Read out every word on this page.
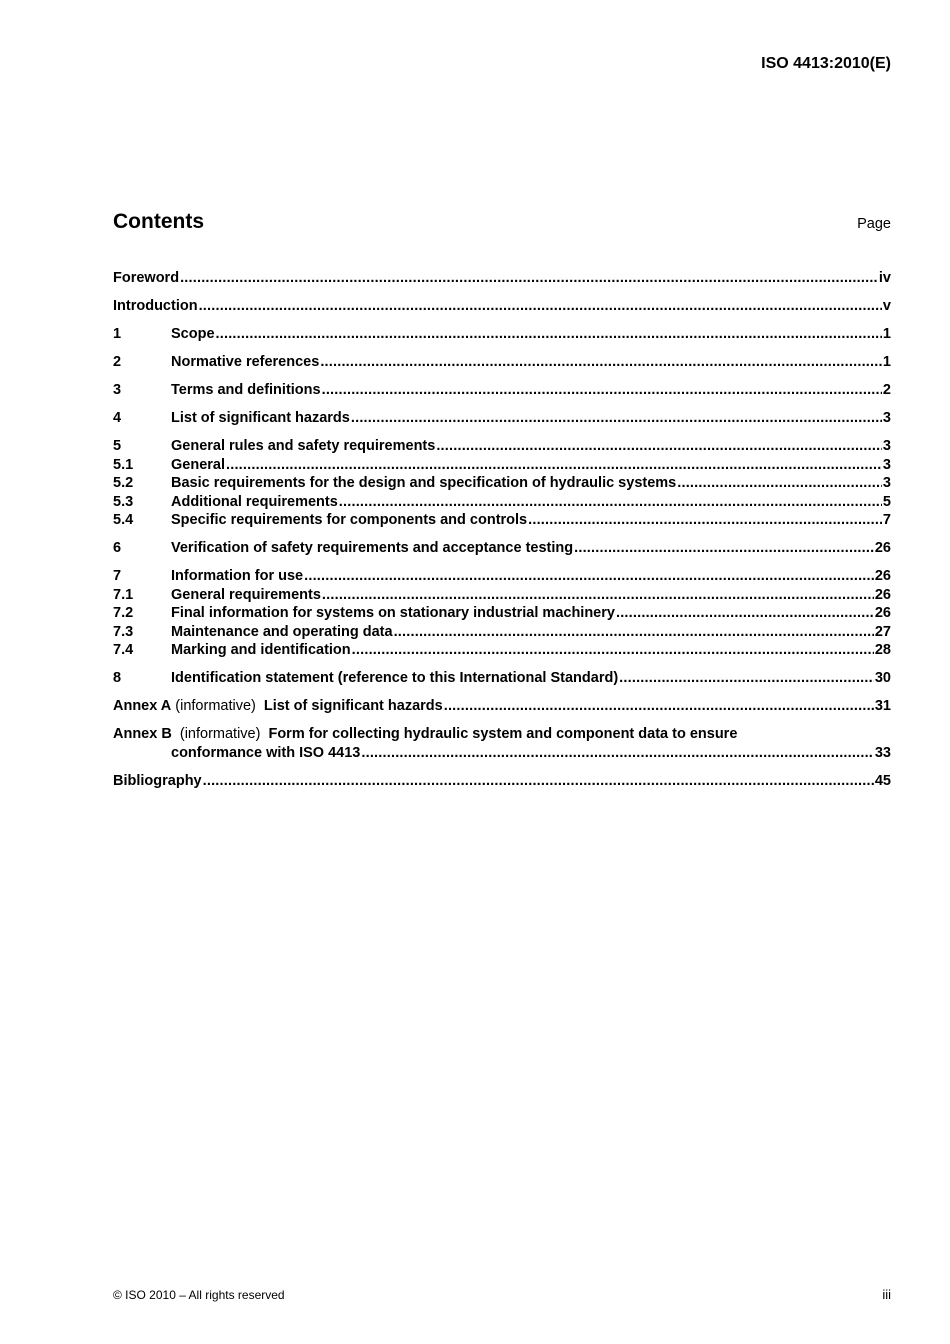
ISO 4413:2010(E)
Contents	Page
Foreword .....	iv
Introduction .....	v
1	Scope .....	1
2	Normative references .....	1
3	Terms and definitions .....	2
4	List of significant hazards .....	3
5	General rules and safety requirements .....	3
5.1	General .....	3
5.2	Basic requirements for the design and specification of hydraulic systems .....	3
5.3	Additional requirements .....	5
5.4	Specific requirements for components and controls .....	7
6	Verification of safety requirements and acceptance testing .....	26
7	Information for use .....	26
7.1	General requirements .....	26
7.2	Final information for systems on stationary industrial machinery .....	26
7.3	Maintenance and operating data .....	27
7.4	Marking and identification .....	28
8	Identification statement (reference to this International Standard) .....	30
Annex A (informative) List of significant hazards .....	31
Annex B (informative) Form for collecting hydraulic system and component data to ensure
conformance with ISO 4413 .....	33
Bibliography .....	45
© ISO 2010 – All rights reserved	iii
